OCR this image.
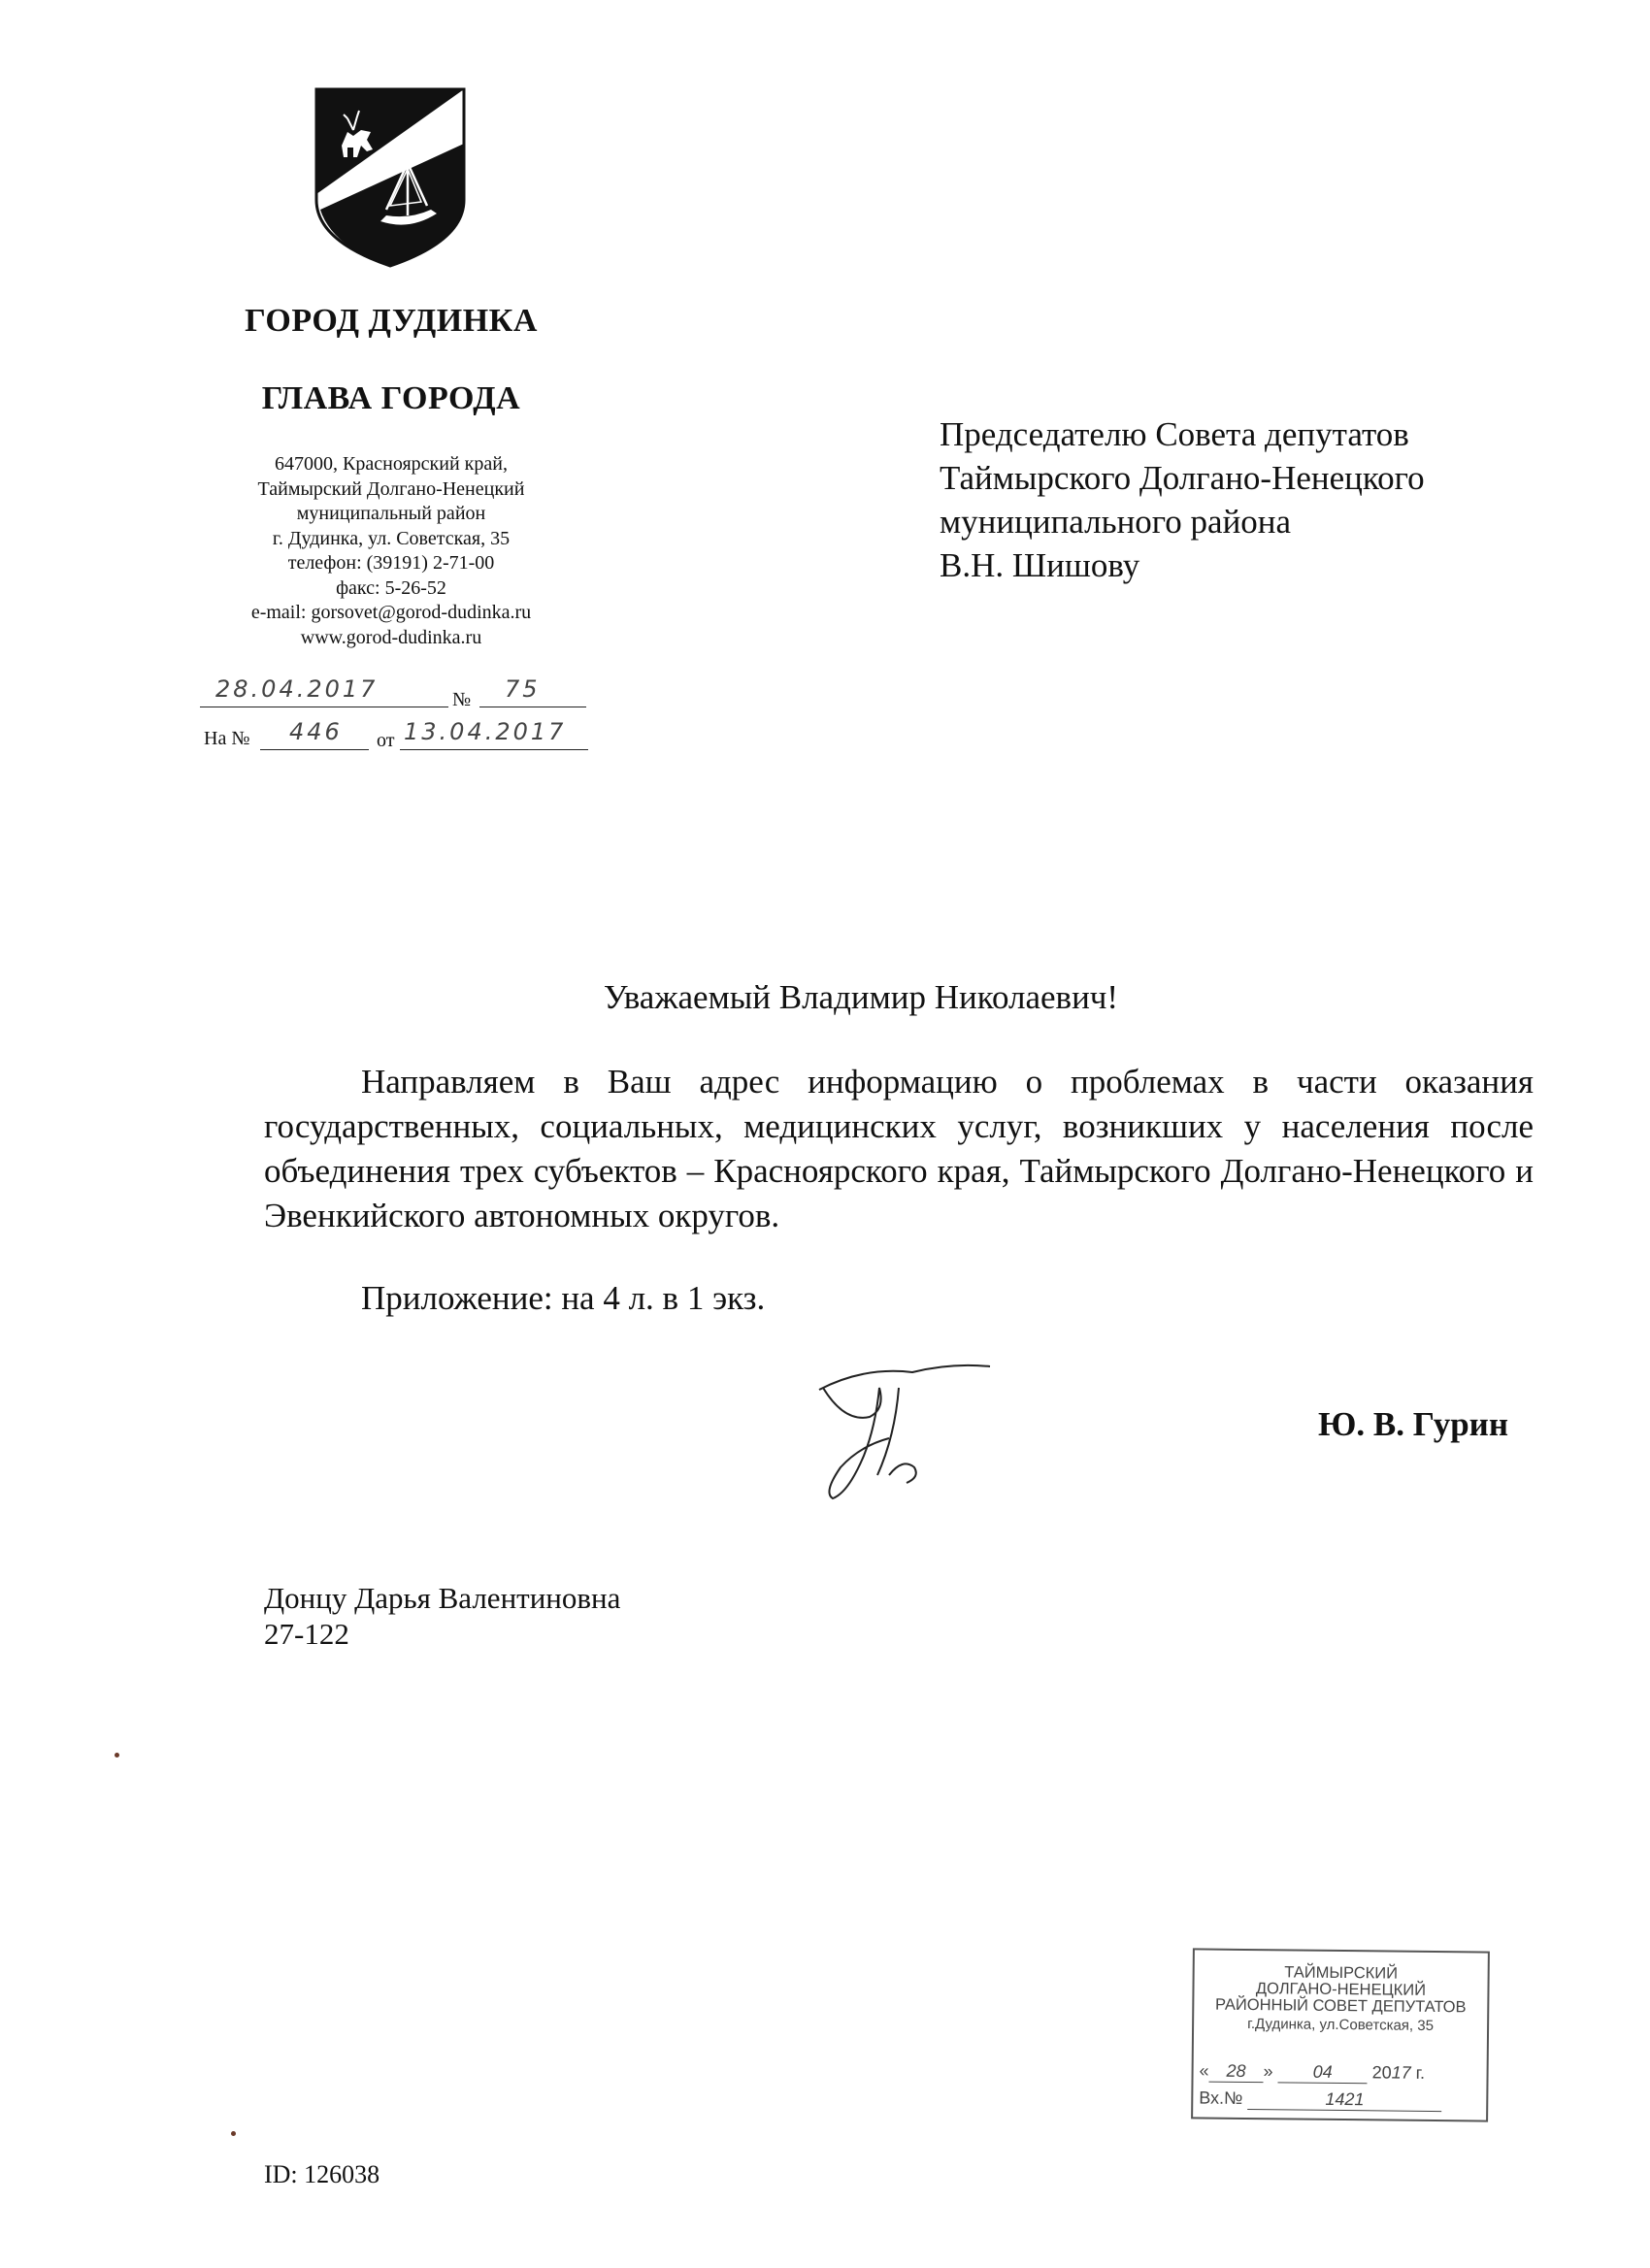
ГОРОД ДУДИНКА
ГЛАВА ГОРОДА
647000, Красноярский край,
Таймырский Долгано-Ненецкий
муниципальный район
г. Дудинка, ул. Советская, 35
телефон: (39191) 2-71-00
факс: 5-26-52
e-mail: gorsovet@gorod-dudinka.ru
www.gorod-dudinka.ru
28.04.2017	№ 75
На № 446 от 13.04.2017
Председателю Совета депутатов
Таймырского Долгано-Ненецкого
муниципального района
В.Н. Шишову
Уважаемый Владимир Николаевич!
Направляем в Ваш адрес информацию о проблемах в части оказания государственных, социальных, медицинских услуг, возникших у населения после объединения трех субъектов – Красноярского края, Таймырского Долгано-Ненецкого и Эвенкийского автономных округов.
Приложение: на 4 л. в 1 экз.
Ю. В. Гурин
Донцу Дарья Валентиновна
27-122
ТАЙМЫРСКИЙ
ДОЛГАНО-НЕНЕЦКИЙ
РАЙОННЫЙ СОВЕТ ДЕПУТАТОВ
г.Дудинка, ул.Советская, 35
« 28 » 04 2017 г.
Вх.№	1421
ID: 126038
